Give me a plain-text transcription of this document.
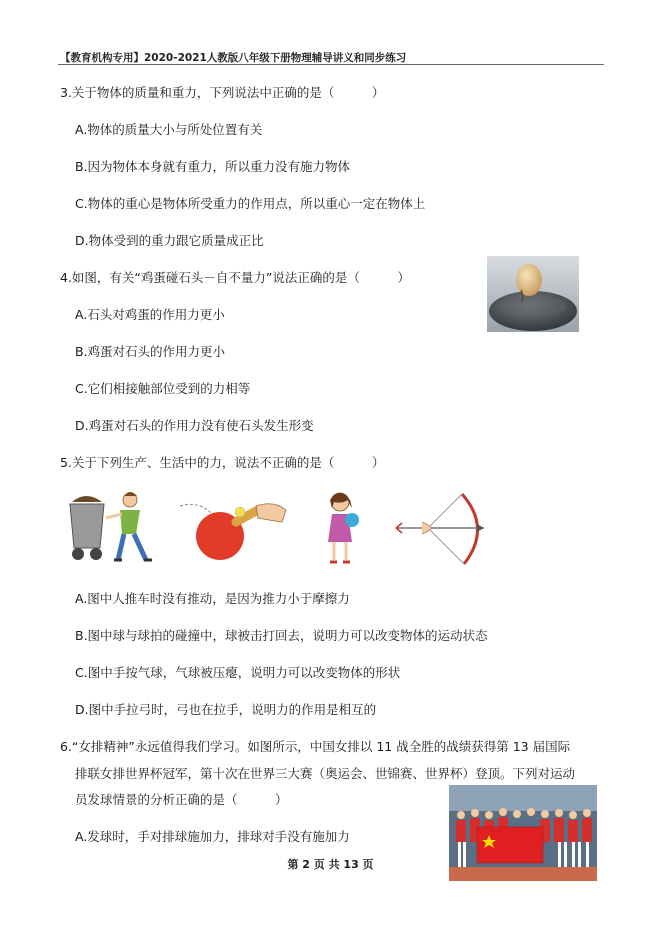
【教育机构专用】2020-2021人教版八年级下册物理辅导讲义和同步练习
3.关于物体的质量和重力，下列说法中正确的是（　　　）
A.物体的质量大小与所处位置有关
B.因为物体本身就有重力，所以重力没有施力物体
C.物体的重心是物体所受重力的作用点，所以重心一定在物体上
D.物体受到的重力跟它质量成正比
4.如图，有关“鸡蛋碰石头－自不量力”说法正确的是（　　　）
A.石头对鸡蛋的作用力更小
B.鸡蛋对石头的作用力更小
C.它们相接触部位受到的力相等
D.鸡蛋对石头的作用力没有使石头发生形变
5.关于下列生产、生活中的力，说法不正确的是（　　　）
A.图中人推车时没有推动，是因为推力小于摩擦力
B.图中球与球拍的碰撞中，球被击打回去，说明力可以改变物体的运动状态
C.图中手按气球，气球被压瘪，说明力可以改变物体的形状
D.图中手拉弓时，弓也在拉手，说明力的作用是相互的
6.“女排精神”永远值得我们学习。如图所示，中国女排以 11 战全胜的战绩获得第 13 届国际
排联女排世界杯冠军，第十次在世界三大赛（奥运会、世锦赛、世界杯）登顶。下列对运动
员发球情景的分析正确的是（　　　）
A.发球时，手对排球施加力，排球对手没有施加力
第 2 页 共 13 页
